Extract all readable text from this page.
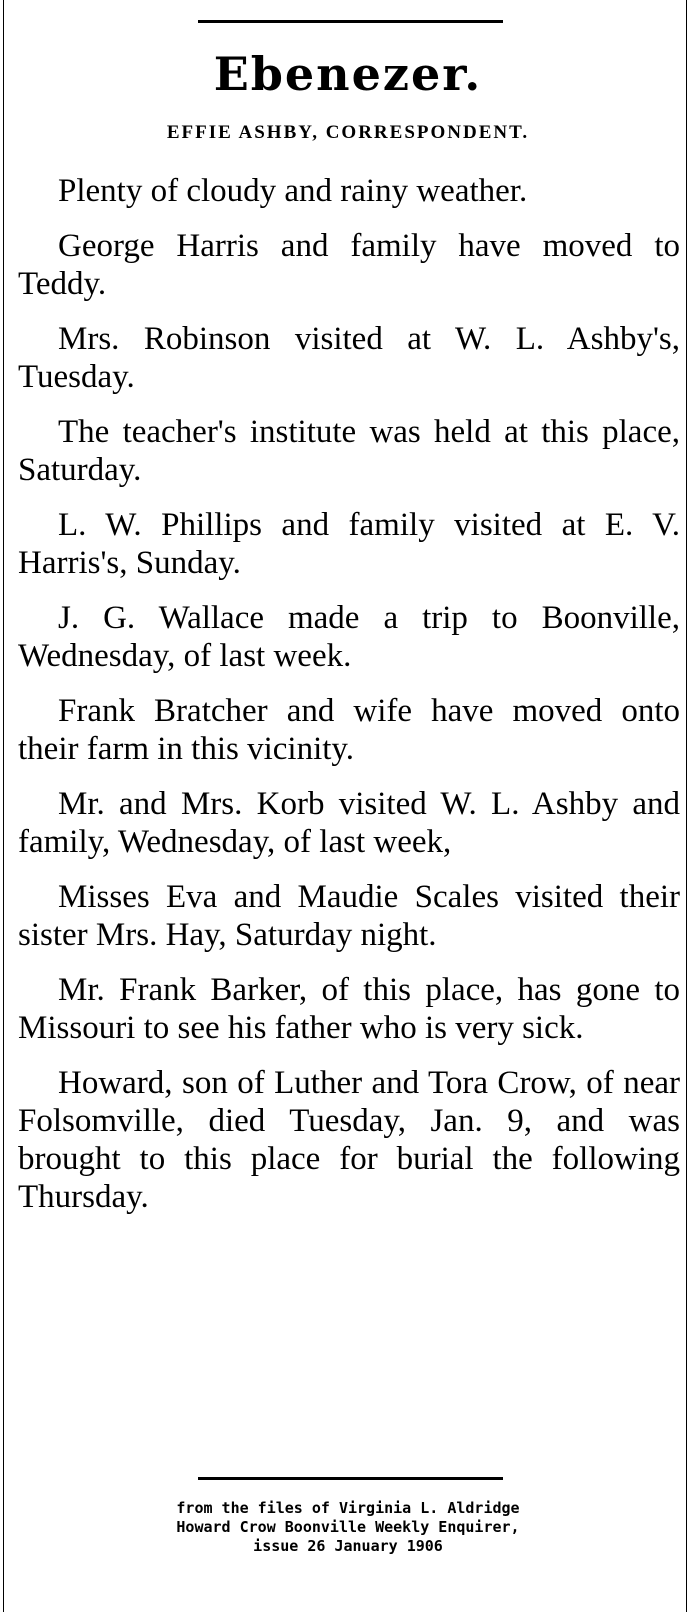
Ebenezer.
EFFIE ASHBY, CORRESPONDENT.

Plenty of cloudy and rainy weather.

George Harris and family have moved to Teddy.

Mrs. Robinson visited at W. L. Ashby's, Tuesday.

The teacher's institute was held at this place, Saturday.

L. W. Phillips and family visited at E. V. Harris's, Sunday.

J. G. Wallace made a trip to Boonville, Wednesday, of last week.

Frank Bratcher and wife have moved onto their farm in this vicinity.

Mr. and Mrs. Korb visited W. L. Ashby and family, Wednesday, of last week,

Misses Eva and Maudie Scales visited their sister Mrs. Hay, Saturday night.

Mr. Frank Barker, of this place, has gone to Missouri to see his father who is very sick.

Howard, son of Luther and Tora Crow, of near Folsomville, died Tuesday, Jan. 9, and was brought to this place for burial the following Thursday.

from the files of Virginia L. Aldridge
Howard Crow Boonville Weekly Enquirer,
issue 26 January 1906
